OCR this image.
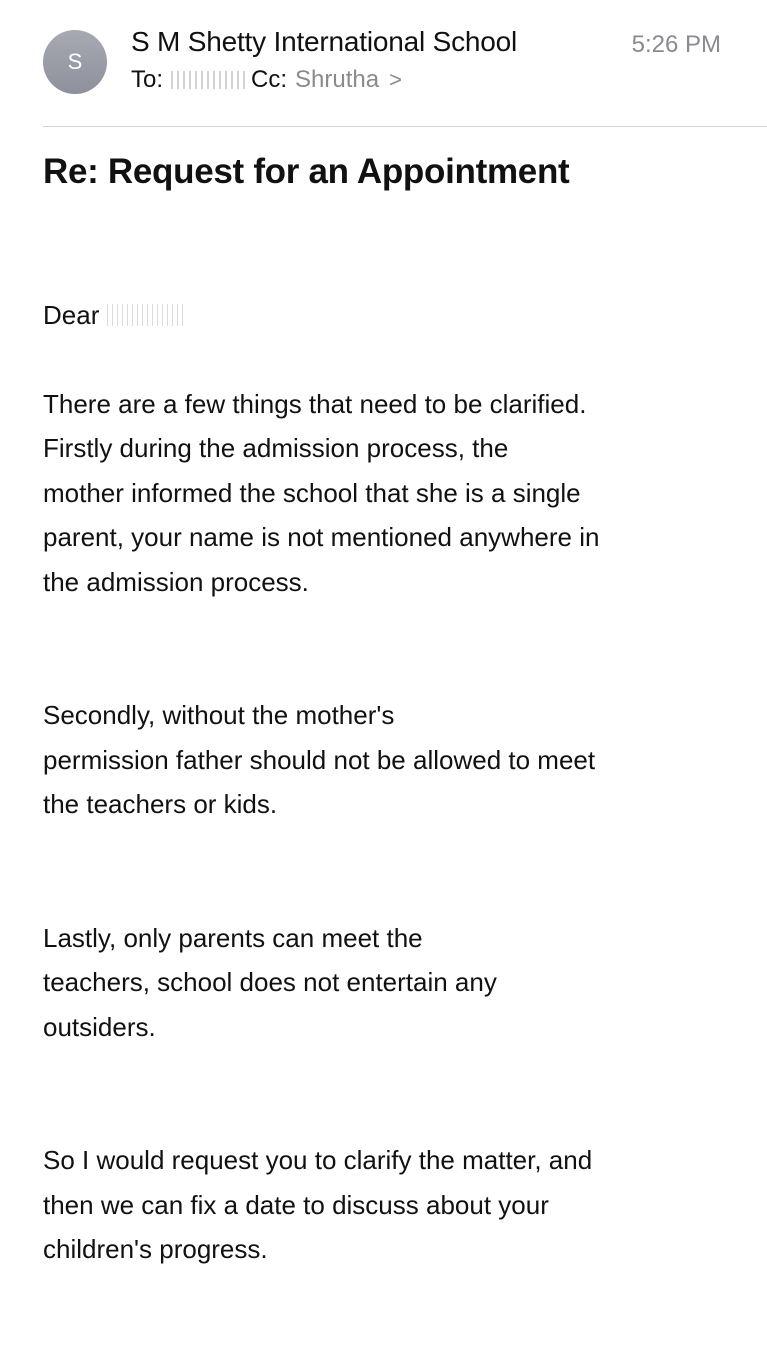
S
S M Shetty International School	5:26 PM
To:	Cc: Shrutha >
Re: Request for an Appointment

Dear

There are a few things that need to be clarified.
Firstly during the admission process, the
mother informed the school that she is a single
parent, your name is not mentioned anywhere in
the admission process.

Secondly, without the mother's
permission father should not be allowed to meet
the teachers or kids.

Lastly, only parents can meet the
teachers, school does not entertain any
outsiders.

So I would request you to clarify the matter, and
then we can fix a date to discuss about your
children's progress.
